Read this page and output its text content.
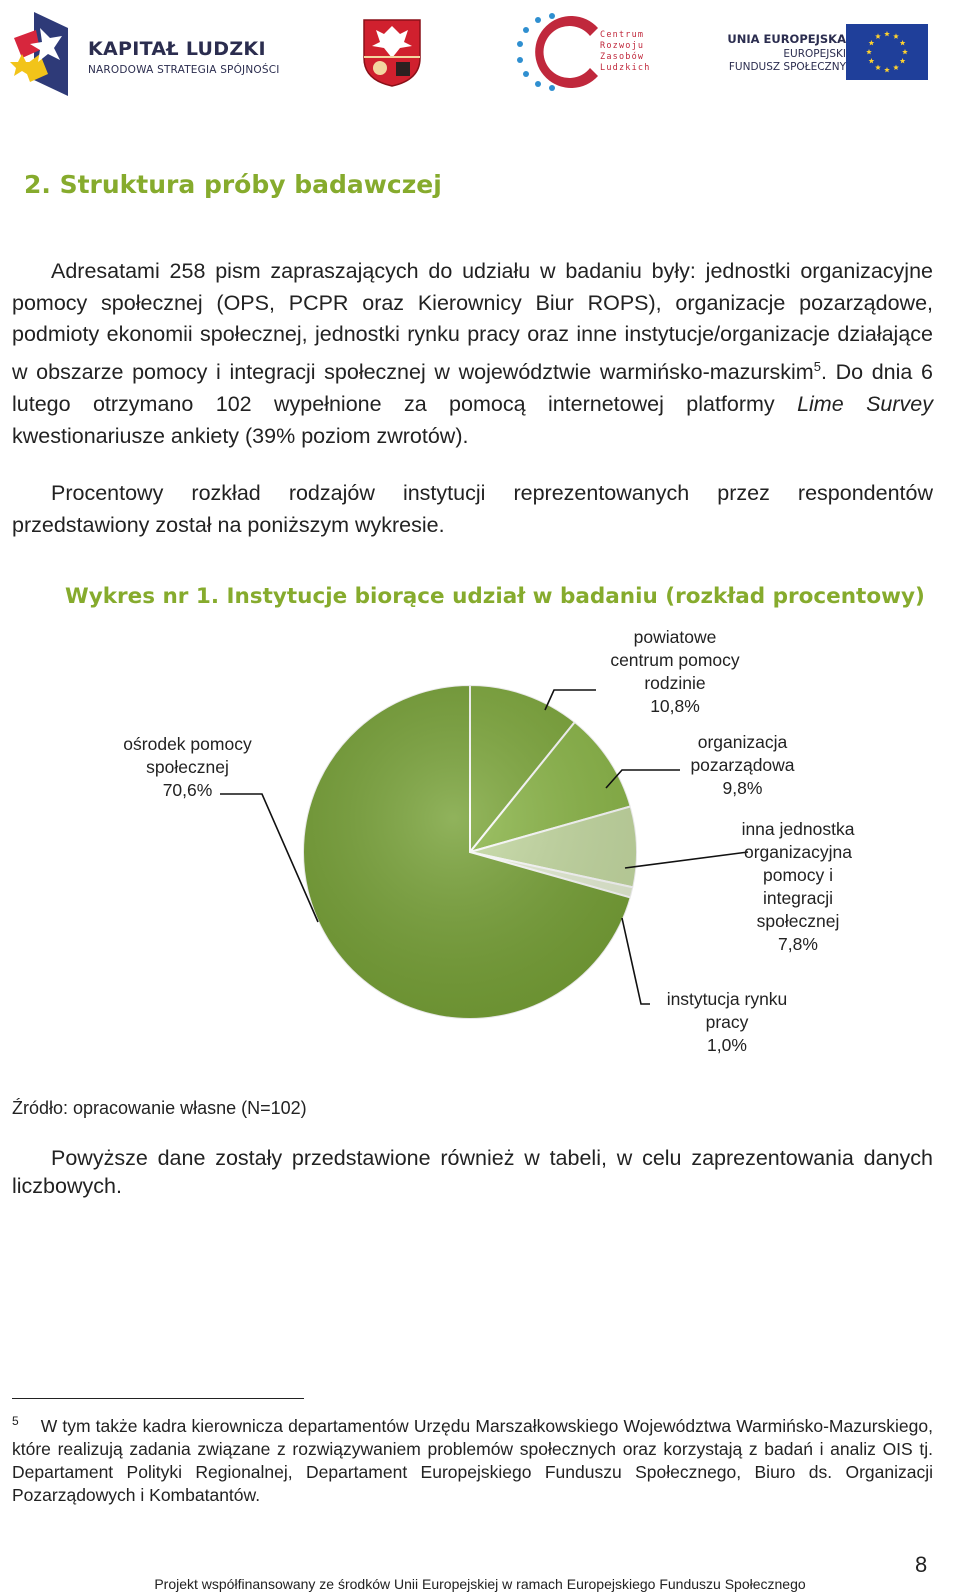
KAPITAŁ LUDZKI
NARODOWA STRATEGIA SPÓJNOŚCI
Centrum
Rozwoju
Zasobów
Ludzkich
UNIA EUROPEJSKA
EUROPEJSKI
FUNDUSZ SPOŁECZNY
2. Struktura próby badawczej
Adresatami 258 pism zapraszających do udziału w badaniu były: jednostki organizacyjne pomocy społecznej (OPS, PCPR oraz Kierownicy Biur ROPS), organizacje pozarządowe, podmioty ekonomii społecznej, jednostki rynku pracy oraz inne instytucje/organizacje działające w obszarze pomocy i integracji społecznej w województwie warmińsko-mazurskim$^5$. Do dnia 6 lutego otrzymano 102 wypełnione za pomocą internetowej platformy Lime Survey kwestionariusze ankiety (39% poziom zwrotów).
Procentowy rozkład rodzajów instytucji reprezentowanych przez respondentów przedstawiony został na poniższym wykresie.
Wykres nr 1. Instytucje biorące udział w badaniu (rozkład procentowy)
ośrodek pomocy
społecznej
70,6%
powiatowe
centrum pomocy
rodzinie
10,8%
organizacja
pozarządowa
9,8%
inna jednostka
organizacyjna
pomocy i
integracji
społecznej
7,8%
instytucja rynku
pracy
1,0%
Źródło: opracowanie własne (N=102)
Powyższe dane zostały przedstawione również w tabeli, w celu zaprezentowania danych liczbowych.
$^5$ W tym także kadra kierownicza departamentów Urzędu Marszałkowskiego Województwa Warmińsko-Mazurskiego, które realizują zadania związane z rozwiązywaniem problemów społecznych oraz korzystają z badań i analiz OIS tj. Departament Polityki Regionalnej, Departament Europejskiego Funduszu Społecznego, Biuro ds. Organizacji Pozarządowych i Kombatantów.
8
Projekt współfinansowany ze środków Unii Europejskiej w ramach Europejskiego Funduszu Społecznego
